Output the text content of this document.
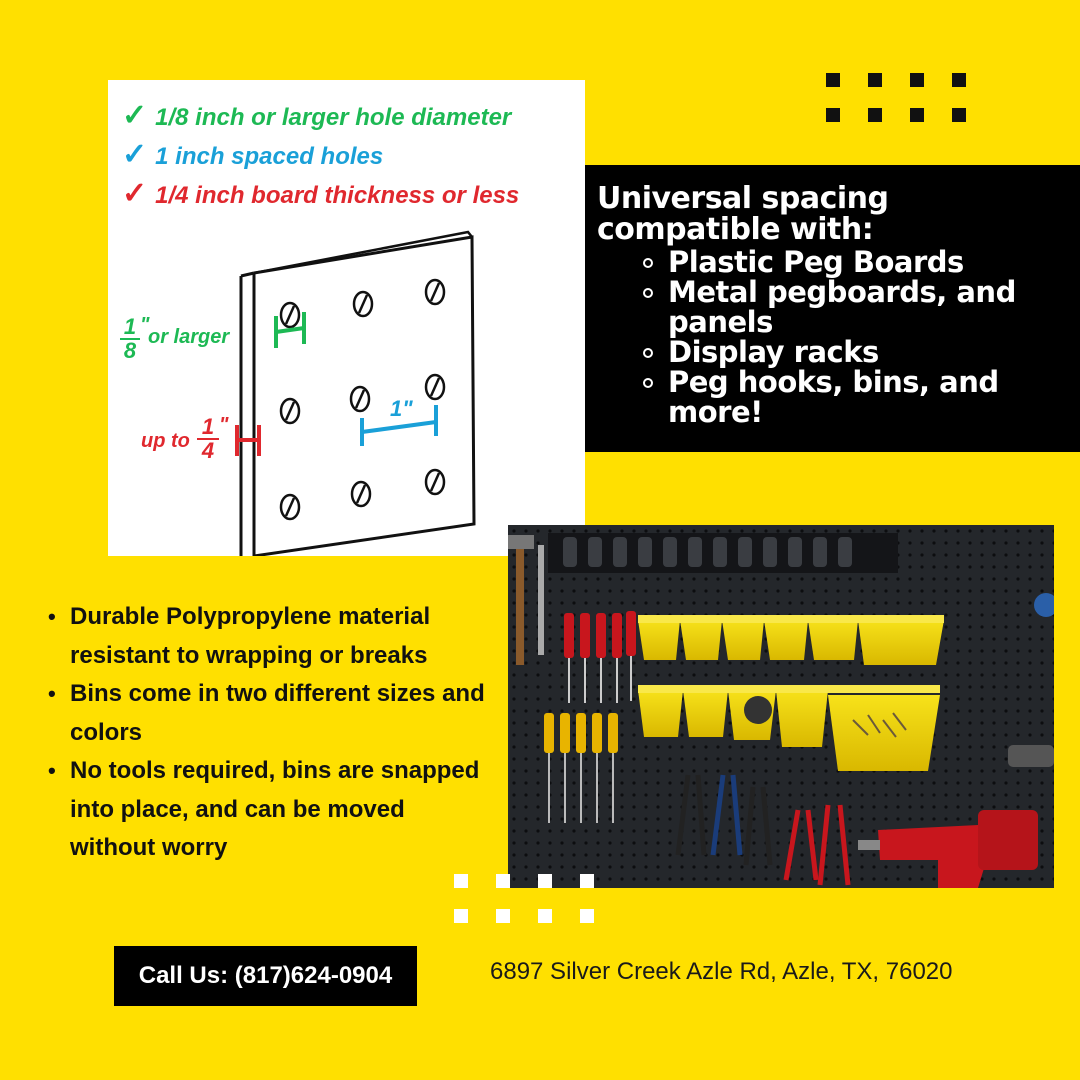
✓ 1/8 inch or larger hole diameter
✓ 1 inch spaced holes
✓ 1/4 inch board thickness or less
1
8
"
or larger
up to
1
4
"
1"
Universal spacing compatible with:
Plastic Peg Boards
Metal pegboards, and panels
Display racks
Peg hooks, bins, and more!
• Durable Polypropylene material resistant to wrapping or breaks
• Bins come in two different sizes and colors
• No tools required, bins are snapped into place, and can be moved without worry
Call Us: (817)624-0904	6897 Silver Creek Azle Rd, Azle, TX, 76020
